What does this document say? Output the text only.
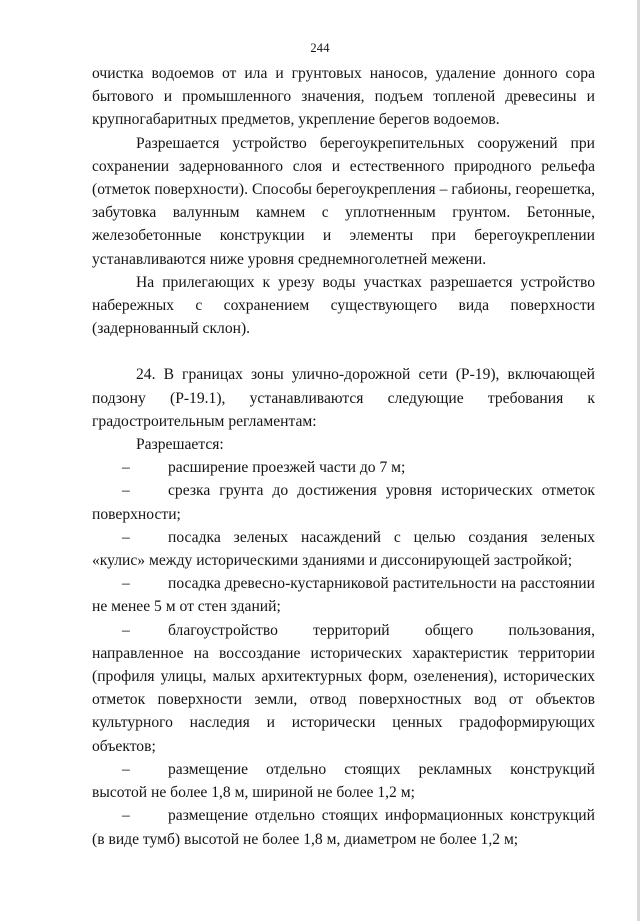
244

очистка водоемов от ила и грунтовых наносов, удаление донного сора бытового и промышленного значения, подъем топленой древесины и крупногабаритных предметов, укрепление берегов водоемов.

Разрешается устройство берегоукрепительных сооружений при сохранении задернованного слоя и естественного природного рельефа (отметок поверхности). Способы берегоукрепления – габионы, георешетка, забутовка валунным камнем с уплотненным грунтом. Бетонные, железобетонные конструкции и элементы при берегоукреплении устанавливаются ниже уровня среднемноголетней межени.

На прилегающих к урезу воды участках разрешается устройство набережных с сохранением существующего вида поверхности (задернованный склон).

24. В границах зоны улично-дорожной сети (Р-19), включающей подзону (Р-19.1), устанавливаются следующие требования к градостроительным регламентам:

Разрешается:

– расширение проезжей части до 7 м;

– срезка грунта до достижения уровня исторических отметок поверхности;

– посадка зеленых насаждений с целью создания зеленых «кулис» между историческими зданиями и диссонирующей застройкой;

– посадка древесно-кустарниковой растительности на расстоянии не менее 5 м от стен зданий;

– благоустройство территорий общего пользования, направленное на воссоздание исторических характеристик территории (профиля улицы, малых архитектурных форм, озеленения), исторических отметок поверхности земли, отвод поверхностных вод от объектов культурного наследия и исторически ценных градоформирующих объектов;

– размещение отдельно стоящих рекламных конструкций высотой не более 1,8 м, шириной не более 1,2 м;

– размещение отдельно стоящих информационных конструкций (в виде тумб) высотой не более 1,8 м, диаметром не более 1,2 м;
